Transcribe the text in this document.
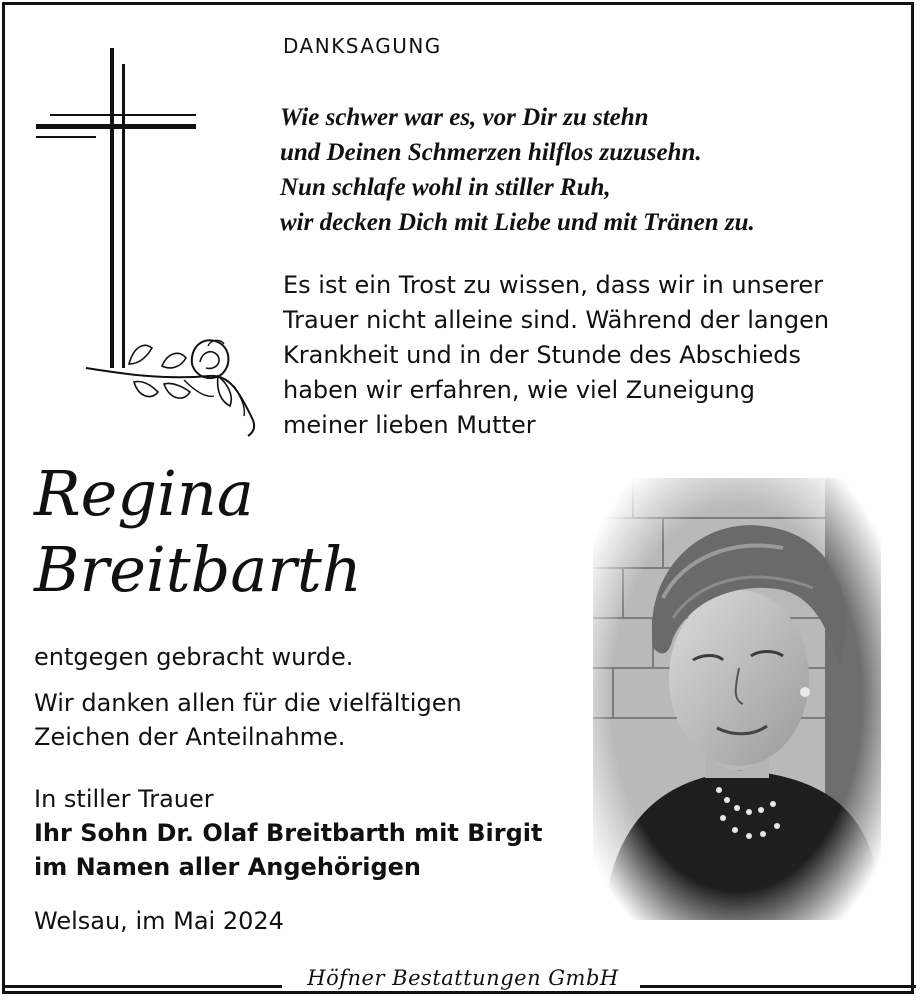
DANKSAGUNG
Wie schwer war es, vor Dir zu stehn
und Deinen Schmerzen hilflos zuzusehn.
Nun schlafe wohl in stiller Ruh,
wir decken Dich mit Liebe und mit Tränen zu.
Es ist ein Trost zu wissen, dass wir in unserer
Trauer nicht alleine sind. Während der langen
Krankheit und in der Stunde des Abschieds
haben wir erfahren, wie viel Zuneigung
meiner lieben Mutter
Regina
Breitbarth
entgegen gebracht wurde.
Wir danken allen für die vielfältigen
Zeichen der Anteilnahme.
In stiller Trauer
Ihr Sohn Dr. Olaf Breitbarth mit Birgit
im Namen aller Angehörigen
Welsau, im Mai 2024
Höfner Bestattungen GmbH
